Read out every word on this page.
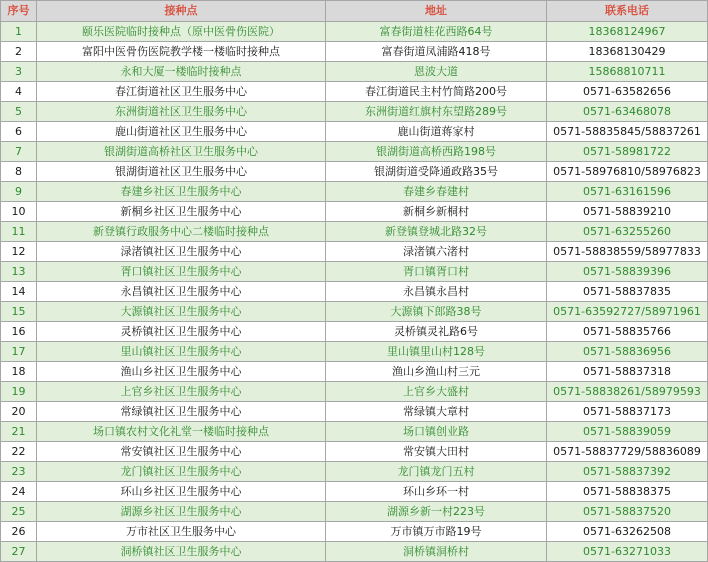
序号	接种点	地址	联系电话
1	颐乐医院临时接种点（原中医骨伤医院）	富春街道桂花西路64号	18368124967
2	富阳中医骨伤医院教学楼一楼临时接种点	富春街道凤浦路418号	18368130429
3	永和大厦一楼临时接种点	恩波大道	15868810711
4	春江街道社区卫生服务中心	春江街道民主村竹简路200号	0571-63582656
5	东洲街道社区卫生服务中心	东洲街道红旗村东望路289号	0571-63468078
6	鹿山街道社区卫生服务中心	鹿山街道蒋家村	0571-58835845/58837261
7	银湖街道高桥社区卫生服务中心	银湖街道高桥西路198号	0571-58981722
8	银湖街道社区卫生服务中心	银湖街道受降通政路35号	0571-58976810/58976823
9	春建乡社区卫生服务中心	春建乡春建村	0571-63161596
10	新桐乡社区卫生服务中心	新桐乡新桐村	0571-58839210
11	新登镇行政服务中心二楼临时接种点	新登镇登城北路32号	0571-63255260
12	渌渚镇社区卫生服务中心	渌渚镇六渚村	0571-58838559/58977833
13	胥口镇社区卫生服务中心	胥口镇胥口村	0571-58839396
14	永昌镇社区卫生服务中心	永昌镇永昌村	0571-58837835
15	大源镇社区卫生服务中心	大源镇下郎路38号	0571-63592727/58971961
16	灵桥镇社区卫生服务中心	灵桥镇灵礼路6号	0571-58835766
17	里山镇社区卫生服务中心	里山镇里山村128号	0571-58836956
18	渔山乡社区卫生服务中心	渔山乡渔山村三元	0571-58837318
19	上官乡社区卫生服务中心	上官乡大盛村	0571-58838261/58979593
20	常绿镇社区卫生服务中心	常绿镇大章村	0571-58837173
21	场口镇农村文化礼堂一楼临时接种点	场口镇创业路	0571-58839059
22	常安镇社区卫生服务中心	常安镇大田村	0571-58837729/58836089
23	龙门镇社区卫生服务中心	龙门镇龙门五村	0571-58837392
24	环山乡社区卫生服务中心	环山乡环一村	0571-58838375
25	湖源乡社区卫生服务中心	湖源乡新一村223号	0571-58837520
26	万市社区卫生服务中心	万市镇万市路19号	0571-63262508
27	洞桥镇社区卫生服务中心	洞桥镇洞桥村	0571-63271033
